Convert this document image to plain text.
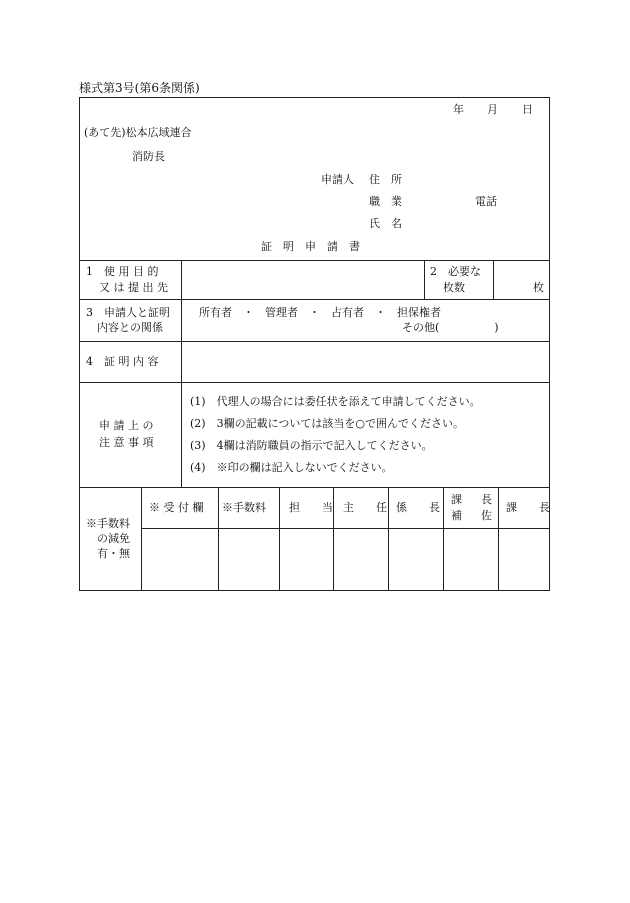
様式第3号(第6条関係)
年 月 日
(あて先)松本広域連合
消防長
申請人 住　所
職　業	電話
氏　名
証　明　申　請　書
1　使 用 目 的
又 は 提 出 先
2　必要な
枚数	枚
3　申請人と証明
内容との関係
所有者　・　管理者　・　占有者　・　担保権者
その他(　　　　　)
4　証 明 内 容
申 請 上 の
注 意 事 項
(1)　代理人の場合には委任状を添えて申請してください。
(2)　3欄の記載については該当を○で囲んでください。
(3)　4欄は消防職員の指示で記入してください。
(4)　※印の欄は記入しないでください。
※手数料
の減免
有・無
※ 受 付 欄 ※手数料 担　　当 主　　任 係　　長
課
補
長
佐
課　　長
